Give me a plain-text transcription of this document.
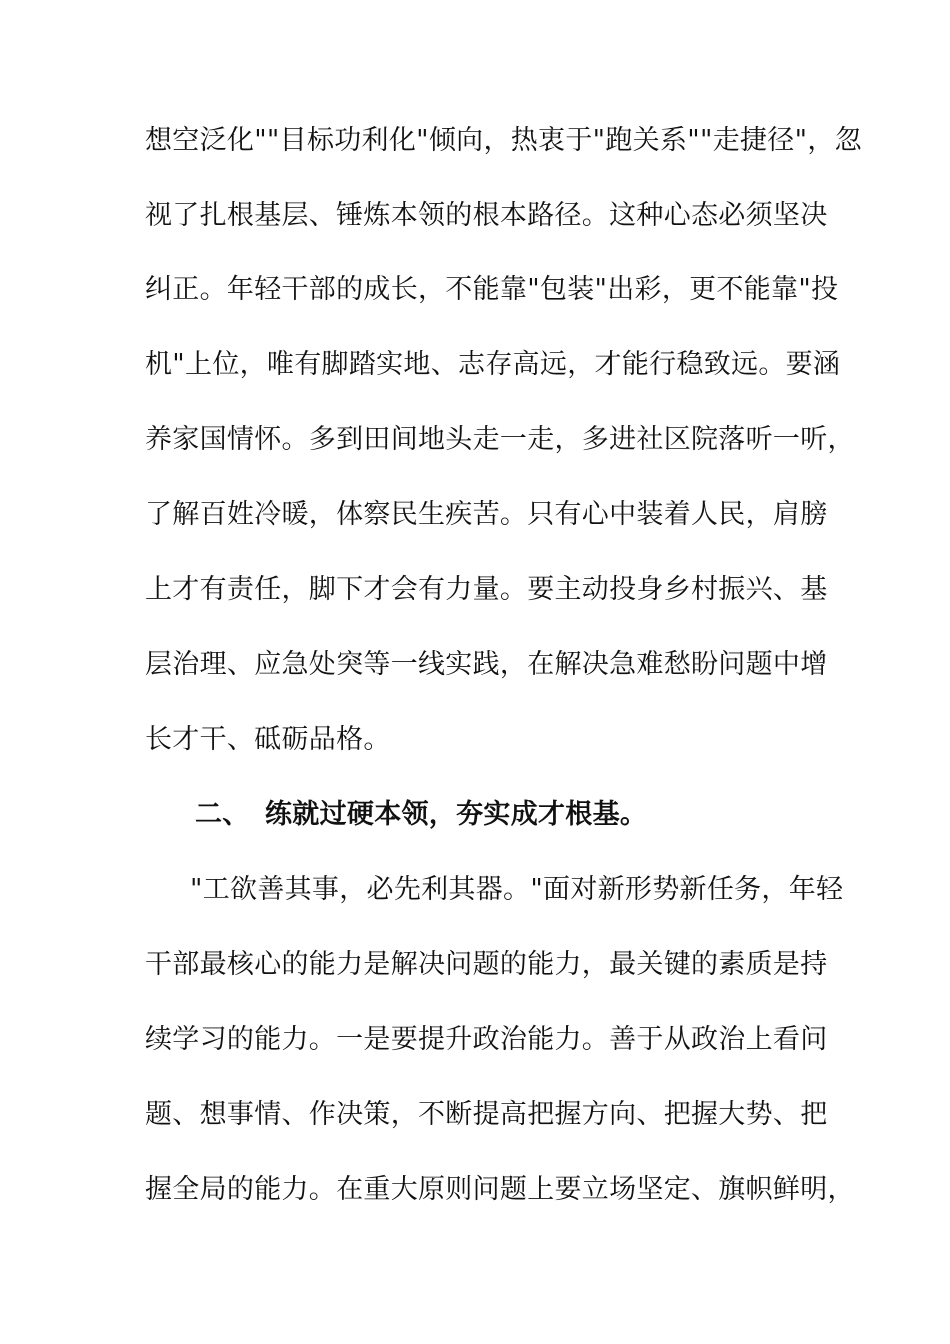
想空泛化""目标功利化"倾向，热衷于"跑关系""走捷径"，忽
视了扎根基层、锤炼本领的根本路径。这种心态必须坚决
纠正。年轻干部的成长，不能靠"包装"出彩，更不能靠"投
机"上位，唯有脚踏实地、志存高远，才能行稳致远。要涵
养家国情怀。多到田间地头走一走，多进社区院落听一听，
了解百姓冷暖，体察民生疾苦。只有心中装着人民，肩膀
上才有责任，脚下才会有力量。要主动投身乡村振兴、基
层治理、应急处突等一线实践，在解决急难愁盼问题中增
长才干、砥砺品格。
二、 练就过硬本领，夯实成才根基。
"工欲善其事，必先利其器。"面对新形势新任务，年轻
干部最核心的能力是解决问题的能力，最关键的素质是持
续学习的能力。一是要提升政治能力。善于从政治上看问
题、想事情、作决策，不断提高把握方向、把握大势、把
握全局的能力。在重大原则问题上要立场坚定、旗帜鲜明，
